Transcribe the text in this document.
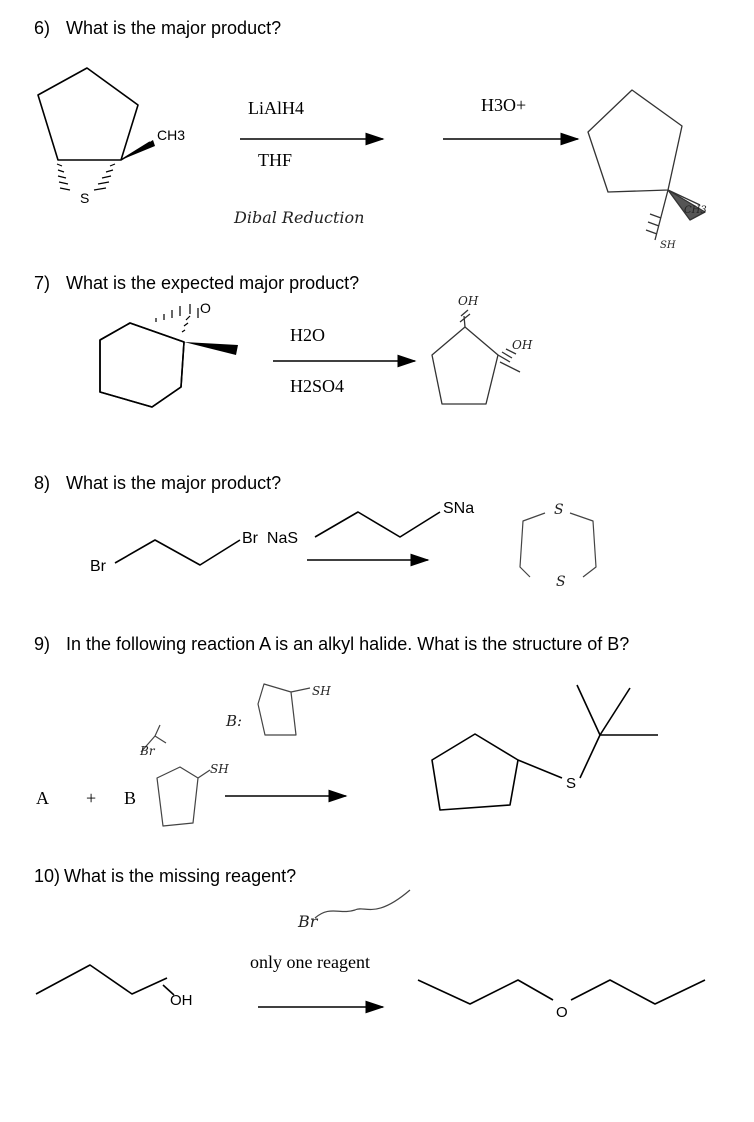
6) What is the major product?
7) What is the expected major product?
8) What is the major product?
9) In the following reaction A is an alkyl halide. What is the structure of B?
10) What is the missing reagent?
CH3
S
LiAlH4
THF
Dibal Reduction
H3O+
CH3
SH
O
H2O
H2SO4
OH
OH
Br
Br  NaS
SNa	S
S
A + B
S
Br
B:
SH
SH
OH
only one reagent
O
Br
